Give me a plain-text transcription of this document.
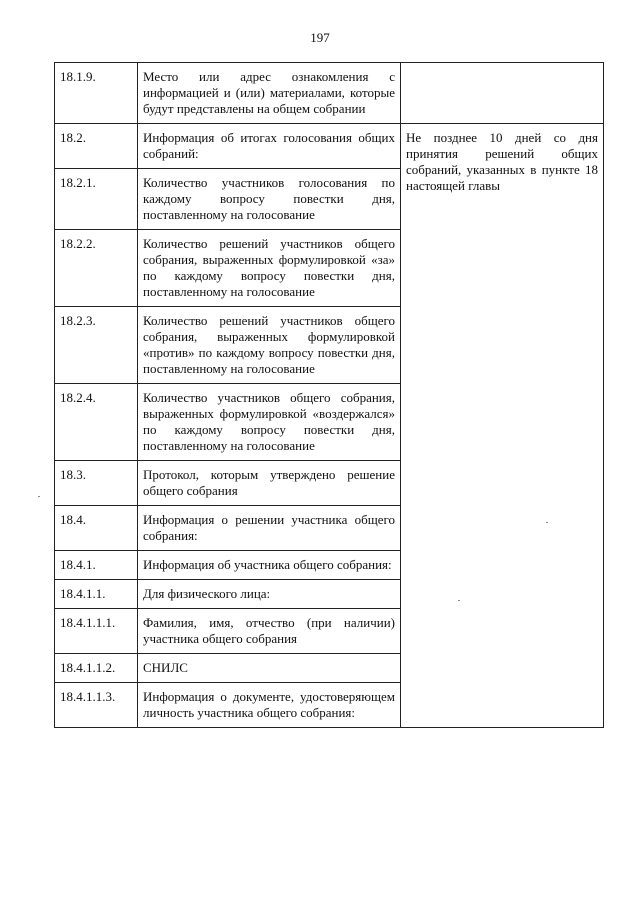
197
18.1.9.	Место или адрес ознакомления с информацией и (или) материалами, которые будут представлены на общем собрании	
18.2.	Информация об итогах голосования общих собраний:	Не позднее 10 дней со дня принятия решений общих собраний, указанных в пункте 18 настоящей главы
18.2.1.	Количество участников голосования по каждому вопросу повестки дня, поставленному на голосование	
18.2.2.	Количество решений участников общего собрания, выраженных формулировкой «за» по каждому вопросу повестки дня, поставленному на голосование	
18.2.3.	Количество решений участников общего собрания, выраженных формулировкой «против» по каждому вопросу повестки дня, поставленному на голосование	
18.2.4.	Количество участников общего собрания, выраженных формулировкой «воздержался» по каждому вопросу повестки дня, поставленному на голосование	
18.3.	Протокол, которым утверждено решение общего собрания	
18.4.	Информация о решении участника общего собрания:	
18.4.1.	Информация об участника общего собрания:	
18.4.1.1.	Для физического лица:	
18.4.1.1.1.	Фамилия, имя, отчество (при наличии) участника общего собрания	
18.4.1.1.2.	СНИЛС	
18.4.1.1.3.	Информация о документе, удостоверяющем личность участника общего собрания:	
